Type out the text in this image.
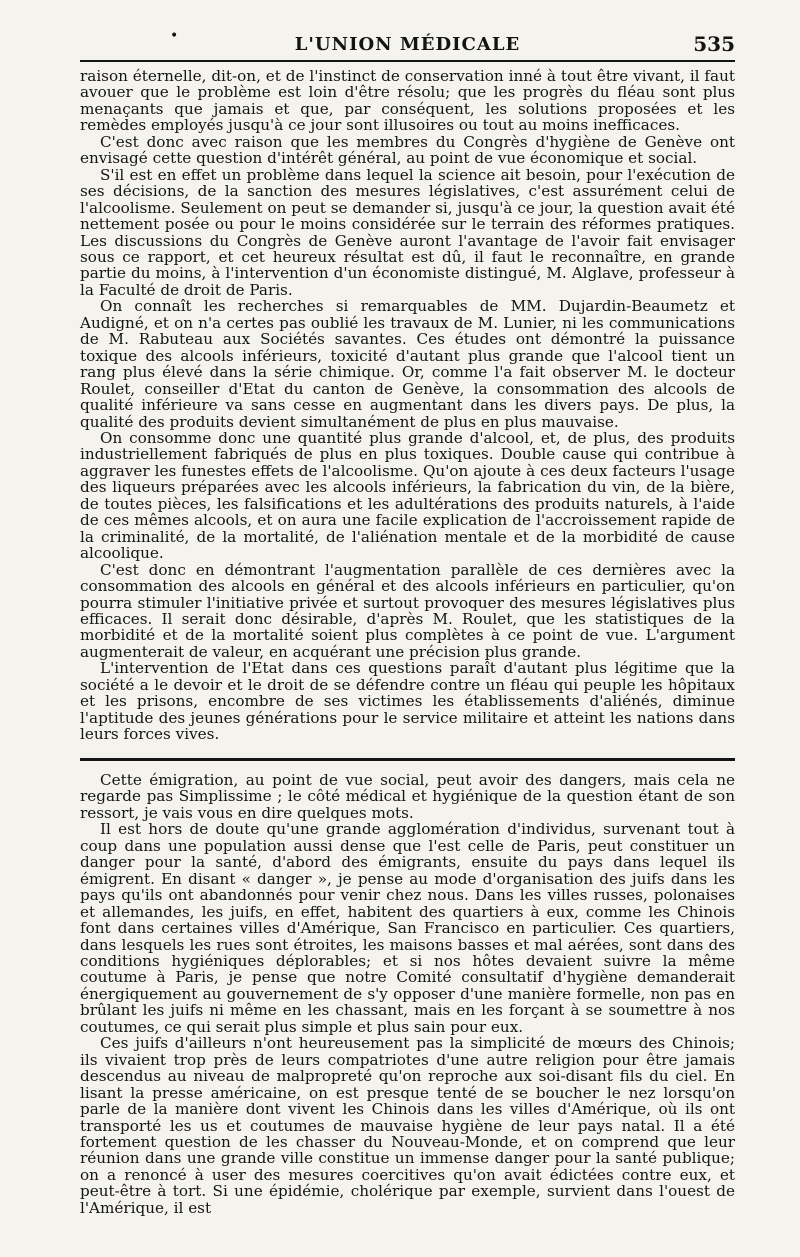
•	L'UNION MÉDICALE	535

raison éternelle, dit-on, et de l'instinct de conservation inné à tout être vivant, il faut avouer que le problème est loin d'être résolu; que les progrès du fléau sont plus menaçants que jamais et que, par conséquent, les solutions proposées et les remèdes employés jusqu'à ce jour sont illusoires ou tout au moins inefficaces.

C'est donc avec raison que les membres du Congrès d'hygiène de Genève ont envisagé cette question d'intérêt général, au point de vue économique et social.

S'il est en effet un problème dans lequel la science ait besoin, pour l'exécution de ses décisions, de la sanction des mesures législatives, c'est assurément celui de l'alcoolisme. Seulement on peut se demander si, jusqu'à ce jour, la question avait été nettement posée ou pour le moins considérée sur le terrain des réformes pratiques. Les discussions du Congrès de Genève auront l'avantage de l'avoir fait envisager sous ce rapport, et cet heureux résultat est dû, il faut le reconnaître, en grande partie du moins, à l'intervention d'un économiste distingué, M. Alglave, professeur à la Faculté de droit de Paris.

On connaît les recherches si remarquables de MM. Dujardin-Beaumetz et Audigné, et on n'a certes pas oublié les travaux de M. Lunier, ni les communications de M. Rabuteau aux Sociétés savantes. Ces études ont démontré la puissance toxique des alcools inférieurs, toxicité d'autant plus grande que l'alcool tient un rang plus élevé dans la série chimique. Or, comme l'a fait observer M. le docteur Roulet, conseiller d'Etat du canton de Genève, la consommation des alcools de qualité inférieure va sans cesse en augmentant dans les divers pays. De plus, la qualité des produits devient simultanément de plus en plus mauvaise.

On consomme donc une quantité plus grande d'alcool, et, de plus, des produits industriellement fabriqués de plus en plus toxiques. Double cause qui contribue à aggraver les funestes effets de l'alcoolisme. Qu'on ajoute à ces deux facteurs l'usage des liqueurs préparées avec les alcools inférieurs, la fabrication du vin, de la bière, de toutes pièces, les falsifications et les adultérations des produits naturels, à l'aide de ces mêmes alcools, et on aura une facile explication de l'accroissement rapide de la criminalité, de la mortalité, de l'aliénation mentale et de la morbidité de cause alcoolique.

C'est donc en démontrant l'augmentation parallèle de ces dernières avec la consommation des alcools en général et des alcools inférieurs en particulier, qu'on pourra stimuler l'initiative privée et surtout provoquer des mesures législatives plus efficaces. Il serait donc désirable, d'après M. Roulet, que les statistiques de la morbidité et de la mortalité soient plus complètes à ce point de vue. L'argument augmenterait de valeur, en acquérant une précision plus grande.

L'intervention de l'Etat dans ces questions paraît d'autant plus légitime que la société a le devoir et le droit de se défendre contre un fléau qui peuple les hôpitaux et les prisons, encombre de ses victimes les établissements d'aliénés, diminue l'aptitude des jeunes générations pour le service militaire et atteint les nations dans leurs forces vives.

Cette émigration, au point de vue social, peut avoir des dangers, mais cela ne regarde pas Simplissime ; le côté médical et hygiénique de la question étant de son ressort, je vais vous en dire quelques mots.

Il est hors de doute qu'une grande agglomération d'individus, survenant tout à coup dans une population aussi dense que l'est celle de Paris, peut constituer un danger pour la santé, d'abord des émigrants, ensuite du pays dans lequel ils émigrent. En disant « danger », je pense au mode d'organisation des juifs dans les pays qu'ils ont abandonnés pour venir chez nous. Dans les villes russes, polonaises et allemandes, les juifs, en effet, habitent des quartiers à eux, comme les Chinois font dans certaines villes d'Amérique, San Francisco en particulier. Ces quartiers, dans lesquels les rues sont étroites, les maisons basses et mal aérées, sont dans des conditions hygiéniques déplorables; et si nos hôtes devaient suivre la même coutume à Paris, je pense que notre Comité consultatif d'hygiène demanderait énergiquement au gouvernement de s'y opposer d'une manière formelle, non pas en brûlant les juifs ni même en les chassant, mais en les forçant à se soumettre à nos coutumes, ce qui serait plus simple et plus sain pour eux.

Ces juifs d'ailleurs n'ont heureusement pas la simplicité de mœurs des Chinois; ils vivaient trop près de leurs compatriotes d'une autre religion pour être jamais descendus au niveau de malpropreté qu'on reproche aux soi-disant fils du ciel. En lisant la presse américaine, on est presque tenté de se boucher le nez lorsqu'on parle de la manière dont vivent les Chinois dans les villes d'Amérique, où ils ont transporté les us et coutumes de mauvaise hygiène de leur pays natal. Il a été fortement question de les chasser du Nouveau-Monde, et on comprend que leur réunion dans une grande ville constitue un immense danger pour la santé publique; on a renoncé à user des mesures coercitives qu'on avait édictées contre eux, et peut-être à tort. Si une épidémie, cholérique par exemple, survient dans l'ouest de l'Amérique, il est
